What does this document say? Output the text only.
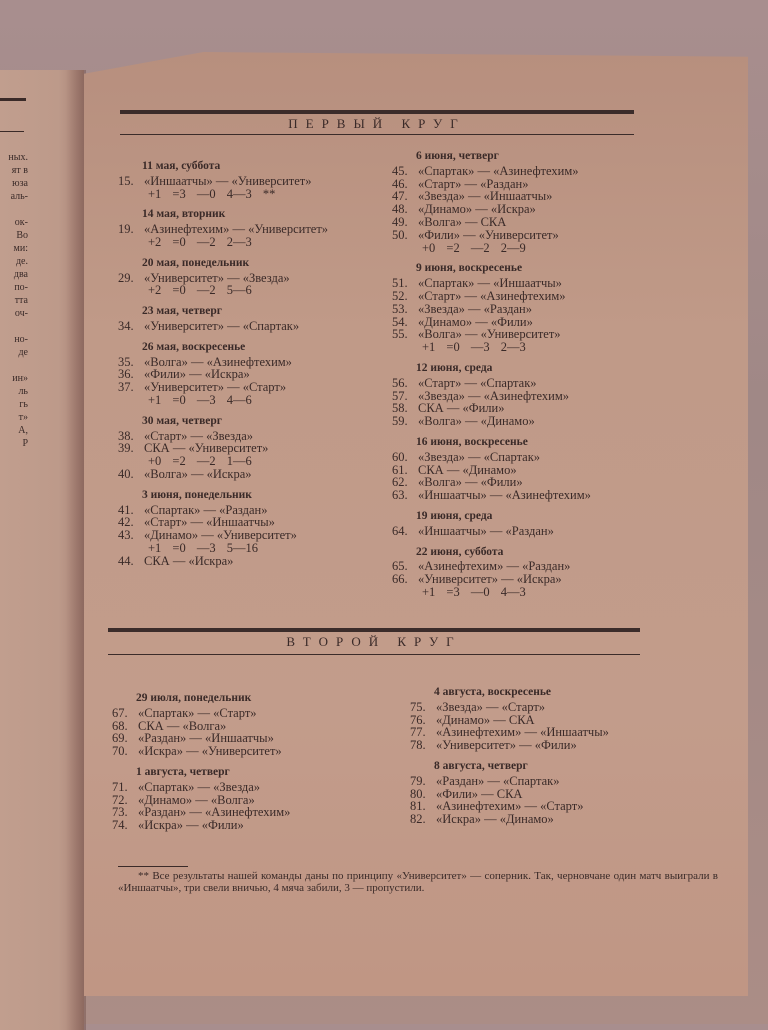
ных.
ят в
юза
аль-
ок-
Во
ми:
де.
два
по-
тта
оч-
но-
де
ин»
ль
гь
т»
А,
Р
ПЕРВЫЙ КРУГ
11 мая, суббота
15. «Иншаатчы» — «Университет»
+1 =3 —0 4—3 **
14 мая, вторник
19. «Азинефтехим» — «Университет»
+2 =0 —2 2—3
20 мая, понедельник
29. «Университет» — «Звезда»
+2 =0 —2 5—6
23 мая, четверг
34. «Университет» — «Спартак»
26 мая, воскресенье
35. «Волга» — «Азинефтехим»
36. «Фили» — «Искра»
37. «Университет» — «Старт»
+1 =0 —3 4—6
30 мая, четверг
38. «Старт» — «Звезда»
39. СКА — «Университет»
+0 =2 —2 1—6
40. «Волга» — «Искра»
3 июня, понедельник
41. «Спартак» — «Раздан»
42. «Старт» — «Иншаатчы»
43. «Динамо» — «Университет»
+1 =0 —3 5—16
44. СКА — «Искра»
6 июня, четверг
45. «Спартак» — «Азинефтехим»
46. «Старт» — «Раздан»
47. «Звезда» — «Иншаатчы»
48. «Динамо» — «Искра»
49. «Волга» — СКА
50. «Фили» — «Университет»
+0 =2 —2 2—9
9 июня, воскресенье
51. «Спартак» — «Иншаатчы»
52. «Старт» — «Азинефтехим»
53. «Звезда» — «Раздан»
54. «Динамо» — «Фили»
55. «Волга» — «Университет»
+1 =0 —3 2—3
12 июня, среда
56. «Старт» — «Спартак»
57. «Звезда» — «Азинефтехим»
58. СКА — «Фили»
59. «Волга» — «Динамо»
16 июня, воскресенье
60. «Звезда» — «Спартак»
61. СКА — «Динамо»
62. «Волга» — «Фили»
63. «Иншаатчы» — «Азинефтехим»
19 июня, среда
64. «Иншаатчы» — «Раздан»
22 июня, суббота
65. «Азинефтехим» — «Раздан»
66. «Университет» — «Искра»
+1 =3 —0 4—3
ВТОРОЙ КРУГ
29 июля, понедельник
67. «Спартак» — «Старт»
68. СКА — «Волга»
69. «Раздан» — «Иншаатчы»
70. «Искра» — «Университет»
1 августа, четверг
71. «Спартак» — «Звезда»
72. «Динамо» — «Волга»
73. «Раздан» — «Азинефтехим»
74. «Искра» — «Фили»
4 августа, воскресенье
75. «Звезда» — «Старт»
76. «Динамо» — СКА
77. «Азинефтехим» — «Иншаатчы»
78. «Университет» — «Фили»
8 августа, четверг
79. «Раздан» — «Спартак»
80. «Фили» — СКА
81. «Азинефтехим» — «Старт»
82. «Искра» — «Динамо»
** Все результаты нашей команды даны по принципу «Университет» — соперник. Так, черновчане один матч выиграли в «Иншаатчы», три свели вничью, 4 мяча забили, 3 — пропустили.
